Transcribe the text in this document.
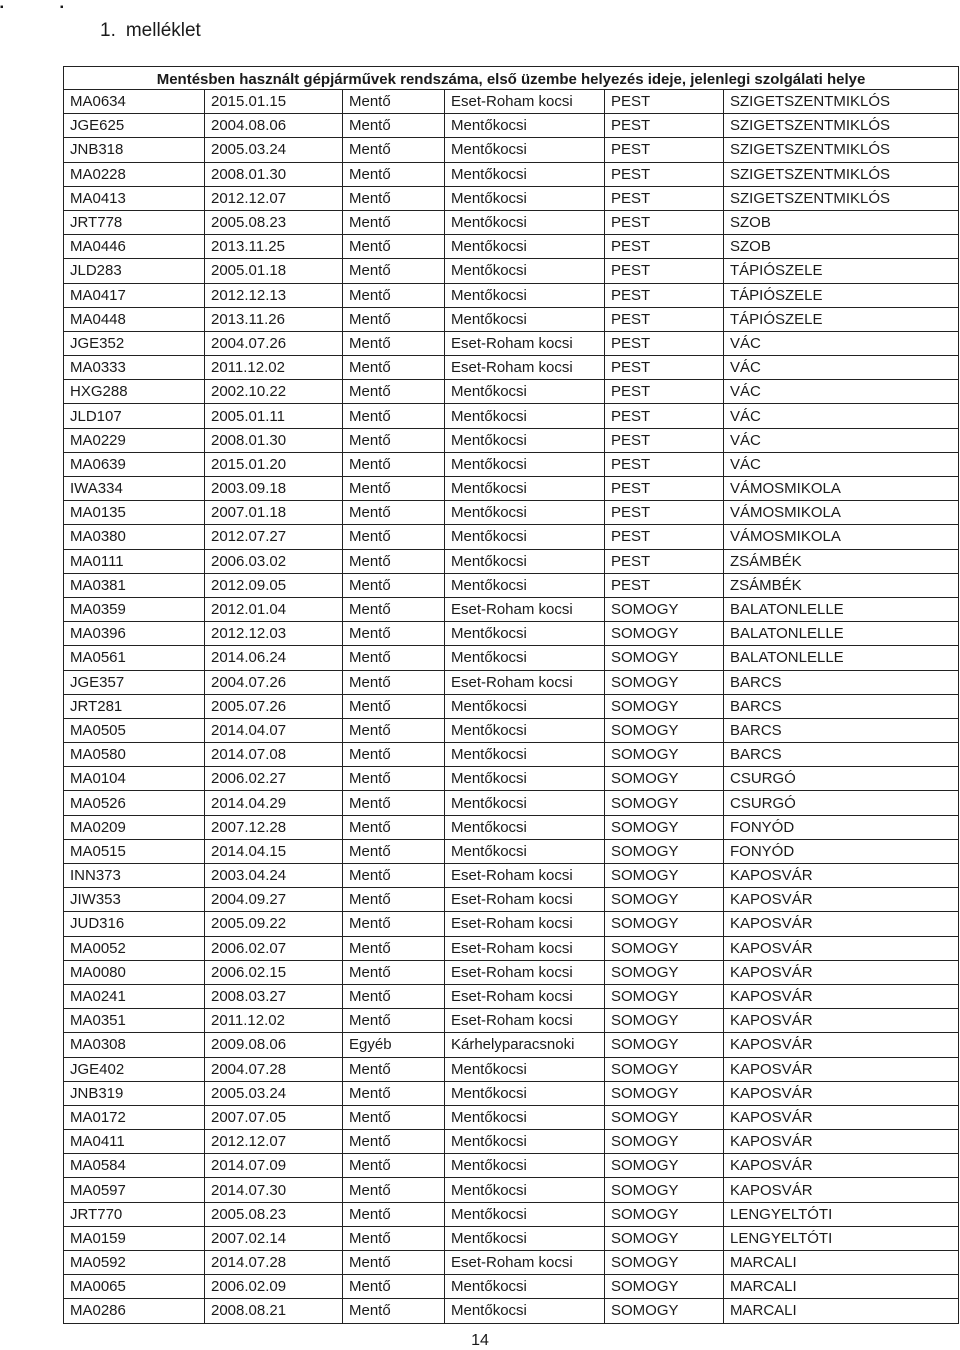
▪	▪
1. melléklet
Mentésben használt gépjárművek rendszáma, első üzembe helyezés ideje, jelenlegi szolgálati helye					
MA0634	2015.01.15	Mentő	Eset-Roham kocsi	PEST	SZIGETSZENTMIKLÓS
JGE625	2004.08.06	Mentő	Mentőkocsi	PEST	SZIGETSZENTMIKLÓS
JNB318	2005.03.24	Mentő	Mentőkocsi	PEST	SZIGETSZENTMIKLÓS
MA0228	2008.01.30	Mentő	Mentőkocsi	PEST	SZIGETSZENTMIKLÓS
MA0413	2012.12.07	Mentő	Mentőkocsi	PEST	SZIGETSZENTMIKLÓS
JRT778	2005.08.23	Mentő	Mentőkocsi	PEST	SZOB
MA0446	2013.11.25	Mentő	Mentőkocsi	PEST	SZOB
JLD283	2005.01.18	Mentő	Mentőkocsi	PEST	TÁPIÓSZELE
MA0417	2012.12.13	Mentő	Mentőkocsi	PEST	TÁPIÓSZELE
MA0448	2013.11.26	Mentő	Mentőkocsi	PEST	TÁPIÓSZELE
JGE352	2004.07.26	Mentő	Eset-Roham kocsi	PEST	VÁC
MA0333	2011.12.02	Mentő	Eset-Roham kocsi	PEST	VÁC
HXG288	2002.10.22	Mentő	Mentőkocsi	PEST	VÁC
JLD107	2005.01.11	Mentő	Mentőkocsi	PEST	VÁC
MA0229	2008.01.30	Mentő	Mentőkocsi	PEST	VÁC
MA0639	2015.01.20	Mentő	Mentőkocsi	PEST	VÁC
IWA334	2003.09.18	Mentő	Mentőkocsi	PEST	VÁMOSMIKOLA
MA0135	2007.01.18	Mentő	Mentőkocsi	PEST	VÁMOSMIKOLA
MA0380	2012.07.27	Mentő	Mentőkocsi	PEST	VÁMOSMIKOLA
MA0111	2006.03.02	Mentő	Mentőkocsi	PEST	ZSÁMBÉK
MA0381	2012.09.05	Mentő	Mentőkocsi	PEST	ZSÁMBÉK
MA0359	2012.01.04	Mentő	Eset-Roham kocsi	SOMOGY	BALATONLELLE
MA0396	2012.12.03	Mentő	Mentőkocsi	SOMOGY	BALATONLELLE
MA0561	2014.06.24	Mentő	Mentőkocsi	SOMOGY	BALATONLELLE
JGE357	2004.07.26	Mentő	Eset-Roham kocsi	SOMOGY	BARCS
JRT281	2005.07.26	Mentő	Mentőkocsi	SOMOGY	BARCS
MA0505	2014.04.07	Mentő	Mentőkocsi	SOMOGY	BARCS
MA0580	2014.07.08	Mentő	Mentőkocsi	SOMOGY	BARCS
MA0104	2006.02.27	Mentő	Mentőkocsi	SOMOGY	CSURGÓ
MA0526	2014.04.29	Mentő	Mentőkocsi	SOMOGY	CSURGÓ
MA0209	2007.12.28	Mentő	Mentőkocsi	SOMOGY	FONYÓD
MA0515	2014.04.15	Mentő	Mentőkocsi	SOMOGY	FONYÓD
INN373	2003.04.24	Mentő	Eset-Roham kocsi	SOMOGY	KAPOSVÁR
JIW353	2004.09.27	Mentő	Eset-Roham kocsi	SOMOGY	KAPOSVÁR
JUD316	2005.09.22	Mentő	Eset-Roham kocsi	SOMOGY	KAPOSVÁR
MA0052	2006.02.07	Mentő	Eset-Roham kocsi	SOMOGY	KAPOSVÁR
MA0080	2006.02.15	Mentő	Eset-Roham kocsi	SOMOGY	KAPOSVÁR
MA0241	2008.03.27	Mentő	Eset-Roham kocsi	SOMOGY	KAPOSVÁR
MA0351	2011.12.02	Mentő	Eset-Roham kocsi	SOMOGY	KAPOSVÁR
MA0308	2009.08.06	Egyéb	Kárhelyparacsnoki	SOMOGY	KAPOSVÁR
JGE402	2004.07.28	Mentő	Mentőkocsi	SOMOGY	KAPOSVÁR
JNB319	2005.03.24	Mentő	Mentőkocsi	SOMOGY	KAPOSVÁR
MA0172	2007.07.05	Mentő	Mentőkocsi	SOMOGY	KAPOSVÁR
MA0411	2012.12.07	Mentő	Mentőkocsi	SOMOGY	KAPOSVÁR
MA0584	2014.07.09	Mentő	Mentőkocsi	SOMOGY	KAPOSVÁR
MA0597	2014.07.30	Mentő	Mentőkocsi	SOMOGY	KAPOSVÁR
JRT770	2005.08.23	Mentő	Mentőkocsi	SOMOGY	LENGYELTÓTI
MA0159	2007.02.14	Mentő	Mentőkocsi	SOMOGY	LENGYELTÓTI
MA0592	2014.07.28	Mentő	Eset-Roham kocsi	SOMOGY	MARCALI
MA0065	2006.02.09	Mentő	Mentőkocsi	SOMOGY	MARCALI
MA0286	2008.08.21	Mentő	Mentőkocsi	SOMOGY	MARCALI
14
